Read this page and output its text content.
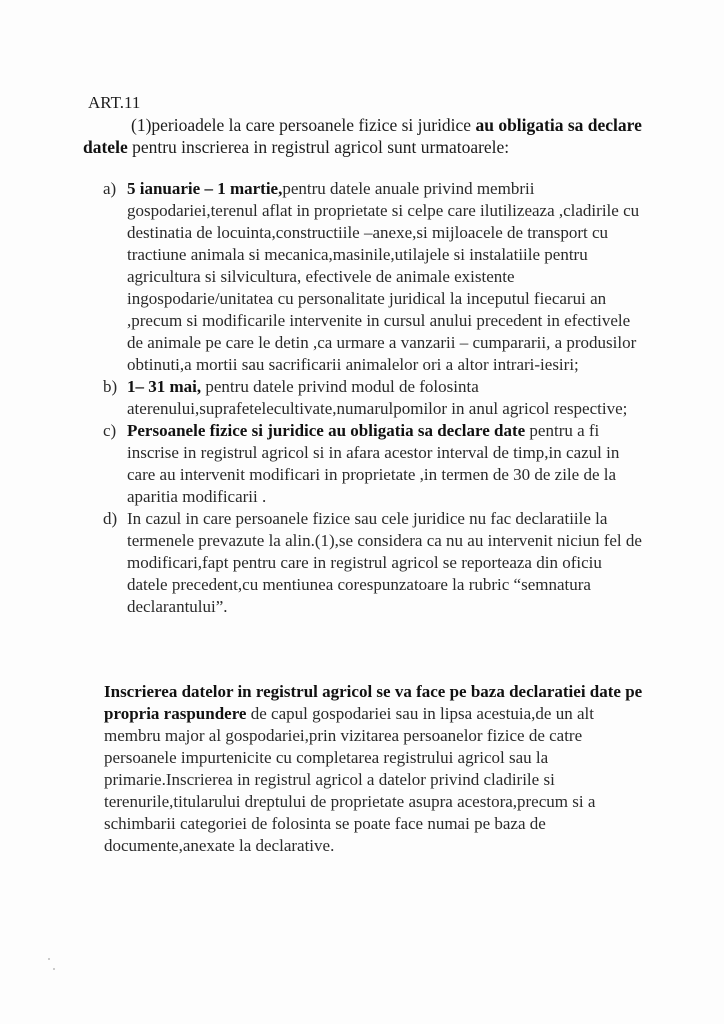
ART.11
(1)perioadele la care persoanele fizice si juridice au obligatia sa declare datele pentru inscrierea in registrul agricol sunt urmatoarele:
a) 5 ianuarie – 1 martie,pentru datele anuale privind membrii gospodariei,terenul aflat in proprietate si celpe care ilutilizeaza ,cladirile cu destinatia de locuinta,constructiile –anexe,si mijloacele de transport cu tractiune animala si mecanica,masinile,utilajele si instalatiile pentru agricultura si silvicultura, efectivele de animale existente ingospodarie/unitatea cu personalitate juridical la inceputul fiecarui an ,precum si modificarile intervenite in cursul anului precedent in efectivele de animale pe care le detin ,ca urmare a vanzarii – cumpararii, a produsilor obtinuti,a mortii sau sacrificarii animalelor ori a altor intrari-iesiri;
b) 1– 31 mai, pentru datele privind modul de folosinta aterenului,suprafetelecultivate,numarulpomilor in anul agricol respective;
c) Persoanele fizice si juridice au obligatia sa declare date pentru a fi inscrise in registrul agricol si in afara acestor interval de timp,in cazul in care au intervenit modificari in proprietate ,in termen de 30 de zile de la aparitia modificarii .
d) In cazul in care persoanele fizice sau cele juridice nu fac declaratiile la termenele prevazute la alin.(1),se considera ca nu au intervenit niciun fel de modificari,fapt pentru care in registrul agricol se reporteaza din oficiu datele precedent,cu mentiunea corespunzatoare la rubric “semnatura declarantului”.
Inscrierea datelor in registrul agricol se va face pe baza declaratiei date pe propria raspundere de capul gospodariei sau in lipsa acestuia,de un alt membru major al gospodariei,prin vizitarea persoanelor fizice de catre persoanele impurtenicite cu completarea registrului agricol sau la primarie.Inscrierea in registrul agricol a datelor privind cladirile si terenurile,titularului dreptului de proprietate asupra acestora,precum si a schimbarii categoriei de folosinta se poate face numai pe baza de documente,anexate la declarative.
